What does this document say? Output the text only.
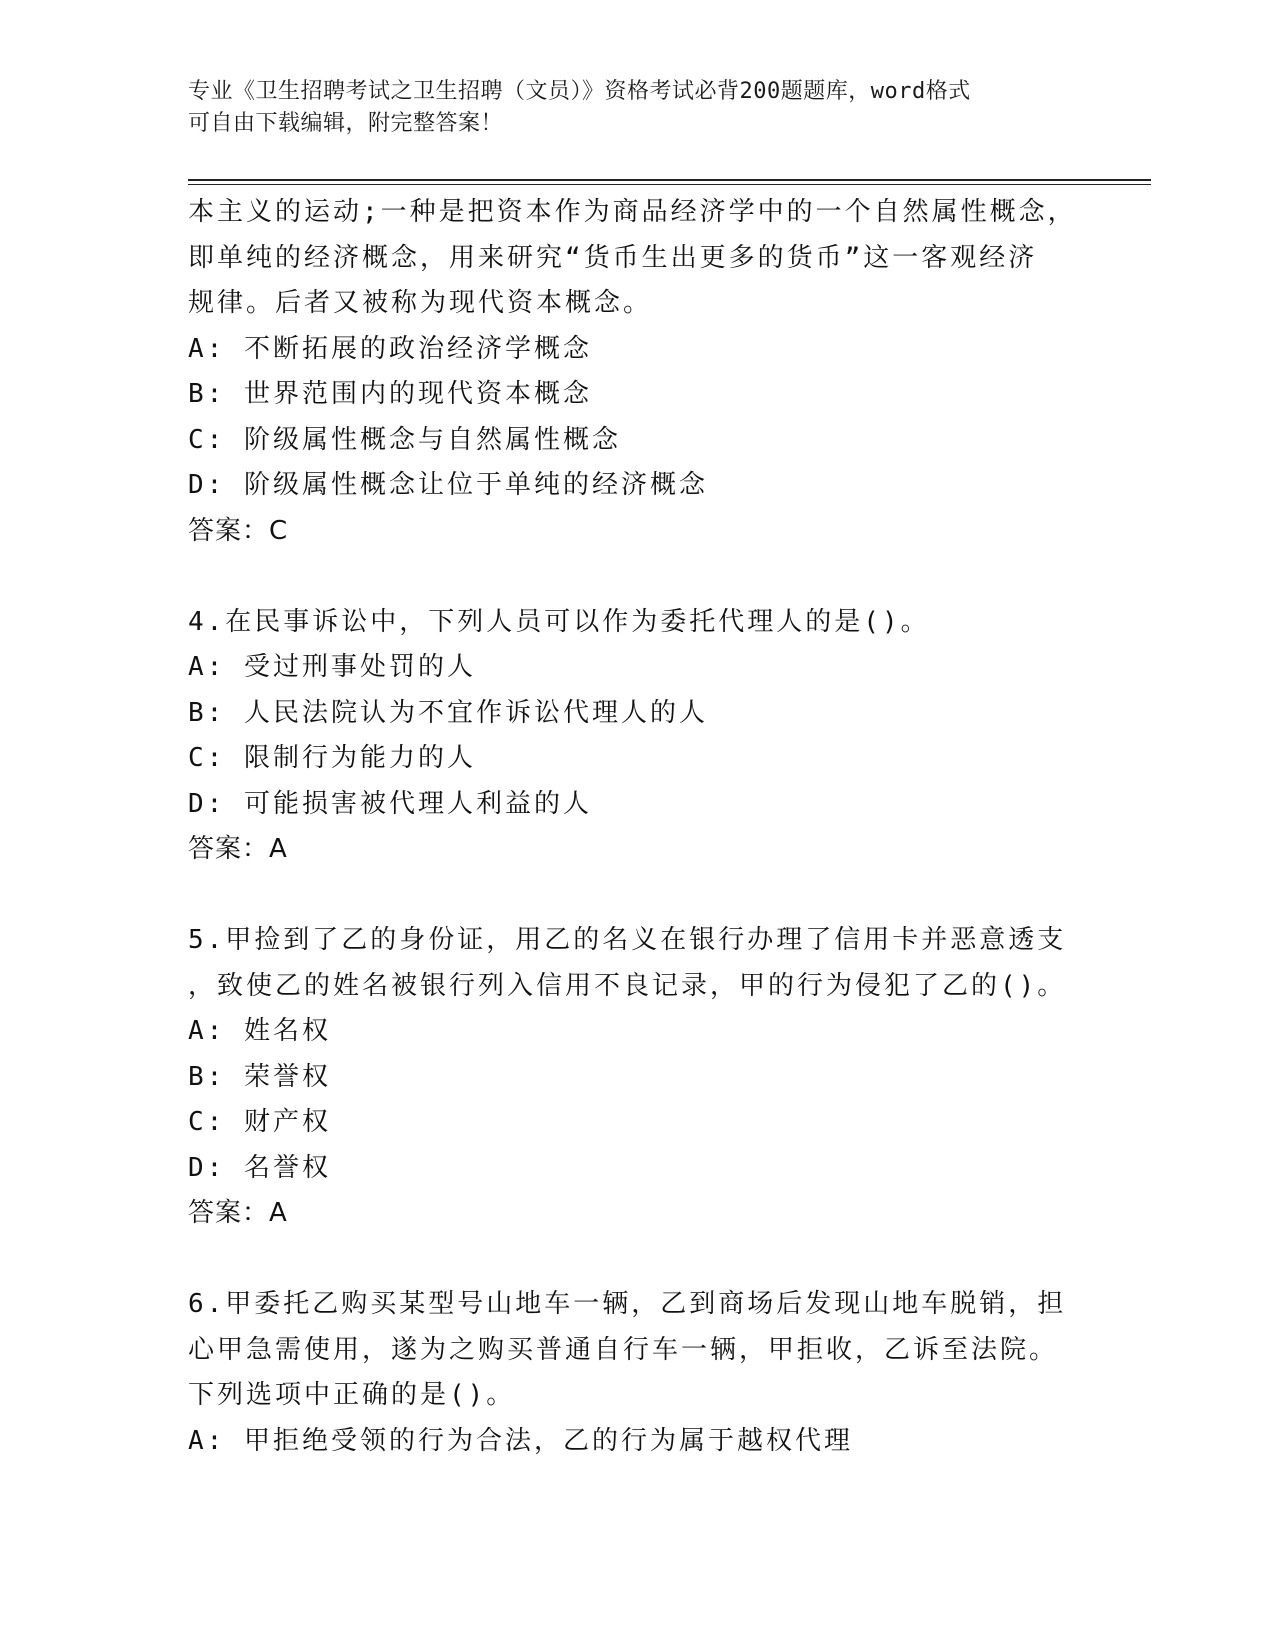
专业《卫生招聘考试之卫生招聘（文员）》资格考试必背200题题库，word格式
可自由下载编辑，附完整答案！
本主义的运动;一种是把资本作为商品经济学中的一个自然属性概念，
即单纯的经济概念，用来研究“货币生出更多的货币”这一客观经济
规律。后者又被称为现代资本概念。
A: 不断拓展的政治经济学概念
B: 世界范围内的现代资本概念
C: 阶级属性概念与自然属性概念
D: 阶级属性概念让位于单纯的经济概念
答案：C
4.在民事诉讼中，下列人员可以作为委托代理人的是()。
A: 受过刑事处罚的人
B: 人民法院认为不宜作诉讼代理人的人
C: 限制行为能力的人
D: 可能损害被代理人利益的人
答案：A
5.甲捡到了乙的身份证，用乙的名义在银行办理了信用卡并恶意透支
，致使乙的姓名被银行列入信用不良记录，甲的行为侵犯了乙的()。
A: 姓名权
B: 荣誉权
C: 财产权
D: 名誉权
答案：A
6.甲委托乙购买某型号山地车一辆，乙到商场后发现山地车脱销，担
心甲急需使用，遂为之购买普通自行车一辆，甲拒收，乙诉至法院。
下列选项中正确的是()。
A: 甲拒绝受领的行为合法，乙的行为属于越权代理
